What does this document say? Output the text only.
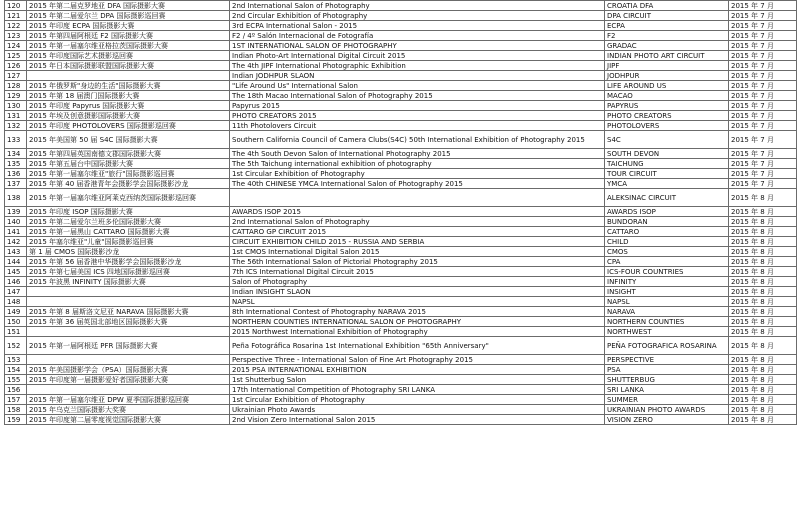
120	2015 年第二届克罗地亚 DFA 国际摄影大赛	2nd International Salon of Photography	CROATIA DFA	2015 年 7 月
121	2015 年第二届爱尔兰 DPA 国际摄影巡回赛	2nd Circular Exhibition of Photography	DPA CIRCUIT	2015 年 7 月
122	2015 年印度 ECPA 国际摄影大赛	3rd ECPA International Salon - 2015	ECPA	2015 年 7 月
123	2015 年第四届阿根廷 F2 国际摄影大赛	F2 / 4º Salón Internacional de Fotografía	F2	2015 年 7 月
124	2015 年第一届塞尔维亚格拉茨国际摄影大赛	1ST INTERNATIONAL SALON OF PHOTOGRAPHY	GRADAC	2015 年 7 月
125	2015 年印度国际艺术摄影巡回赛	Indian Photo-Art International Digital Circuit 2015	INDIAN PHOTO ART CIRCUIT	2015 年 7 月
126	2015 年日本国际摄影联盟国际摄影大赛	The 4th JIPF International Photographic Exhibition	JIPF	2015 年 7 月
127		Indian JODHPUR SLAON	JODHPUR	2015 年 7 月
128	2015 年俄罗斯"身边的生活"国际摄影大赛	"Life Around Us" International Salon	LIFE AROUND US	2015 年 7 月
129	2015 年第 18 届澳门国际摄影大赛	The 18th Macao International Salon of Photography 2015	MACAO	2015 年 7 月
130	2015 年印度 Papyrus 国际摄影大赛	Papyrus 2015	PAPYRUS	2015 年 7 月
131	2015 年埃及创意摄影国际摄影大赛	PHOTO CREATORS 2015	PHOTO CREATORS	2015 年 7 月
132	2015 年印度 PHOTOLOVERS 国际摄影巡回赛	11th Photolovers Circuit	PHOTOLOVERS	2015 年 7 月
133	2015 年美国第 50 届 S4C 国际摄影大赛	Southern California Council of Camera Clubs(S4C) 50th International Exhibition of Photography 2015	S4C	2015 年 7 月
134	2015 年第四届英国南德文郡国际摄影大赛	The 4th South Devon Salon of International Photography 2015	SOUTH DEVON	2015 年 7 月
135	2015 年第五届台中国际摄影大赛	The 5th Taichung international exhibition of photography	TAICHUNG	2015 年 7 月
136	2015 年第一届塞尔维亚"旅行"国际摄影巡回赛	1st Circular Exhibition of Photography	TOUR CIRCUIT	2015 年 7 月
137	2015 年第 40 届香港青年会摄影学会国际摄影沙龙	The 40th CHINESE YMCA International Salon of Photography 2015	YMCA	2015 年 7 月
138	2015 年第一届塞尔维亚阿莱克西纳茨国际摄影巡回赛		ALEKSINAC CIRCUIT	2015 年 8 月
139	2015 年印度 ISOP 国际摄影大赛	AWARDS ISOP 2015	AWARDS ISOP	2015 年 8 月
140	2015 年第二届爱尔兰班多伦国际摄影大赛	2nd International Salon of Photography	BUNDORAN	2015 年 8 月
141	2015 年第一届黑山 CATTARO 国际摄影大赛	CATTARO GP CIRCUIT 2015	CATTARO	2015 年 8 月
142	2015 年塞尔维亚"儿童"国际摄影巡回赛	CIRCUIT EXHIBITION CHILD 2015 - RUSSIA AND SERBIA	CHILD	2015 年 8 月
143	第 1 届 CMOS 国际摄影沙龙	1st CMOS International Digital Salon 2015	CMOS	2015 年 8 月
144	2015 年第 56 届香港中华摄影学会国际摄影沙龙	The 56th International Salon of Pictorial Photography 2015	CPA	2015 年 8 月
145	2015 年第七届美国 ICS 四地国际摄影巡回赛	7th ICS International Digital Circuit 2015	ICS-FOUR COUNTRIES	2015 年 8 月
146	2015 年波黑 INFINITY 国际摄影大赛	Salon of Photography	INFINITY	2015 年 8 月
147		Indian INSIGHT SLAON	INSIGHT	2015 年 8 月
148		NAPSL	NAPSL	2015 年 8 月
149	2015 年第 8 届斯洛文尼亚 NARAVA 国际摄影大赛	8th International Contest of Photography NARAVA 2015	NARAVA	2015 年 8 月
150	2015 年第 36 届英国北部地区国际摄影大赛	NORTHERN COUNTIES INTERNATIONAL SALON OF PHOTOGRAPHY	NORTHERN COUNTIES	2015 年 8 月
151		2015 Northwest International Exhibition of Photography	NORTHWEST	2015 年 8 月
152	2015 年第一届阿根廷 PFR 国际摄影大赛	Peña Fotográfica Rosarina 1st International Exhibition "65th Anniversary"	PEÑA FOTOGRAFICA ROSARINA	2015 年 8 月
153		Perspective Three - International Salon of Fine Art Photography 2015	PERSPECTIVE	2015 年 8 月
154	2015 年美国摄影学会（PSA）国际摄影大赛	2015 PSA INTERNATIONAL EXHIBITION	PSA	2015 年 8 月
155	2015 年印度第一届摄影爱好者国际摄影大赛	1st Shutterbug Salon	SHUTTERBUG	2015 年 8 月
156		17th International Competition of Photography SRI LANKA	SRI LANKA	2015 年 8 月
157	2015 年第一届塞尔维亚 DPW 夏季国际摄影巡回赛	1st Circular Exhibition of Photography	SUMMER	2015 年 8 月
158	2015 年乌克兰国际摄影大奖赛	Ukrainian Photo Awards	UKRAINIAN PHOTO AWARDS	2015 年 8 月
159	2015 年印度第二届零度视觉国际摄影大赛	2nd Vision Zero International Salon 2015	VISION ZERO	2015 年 8 月
